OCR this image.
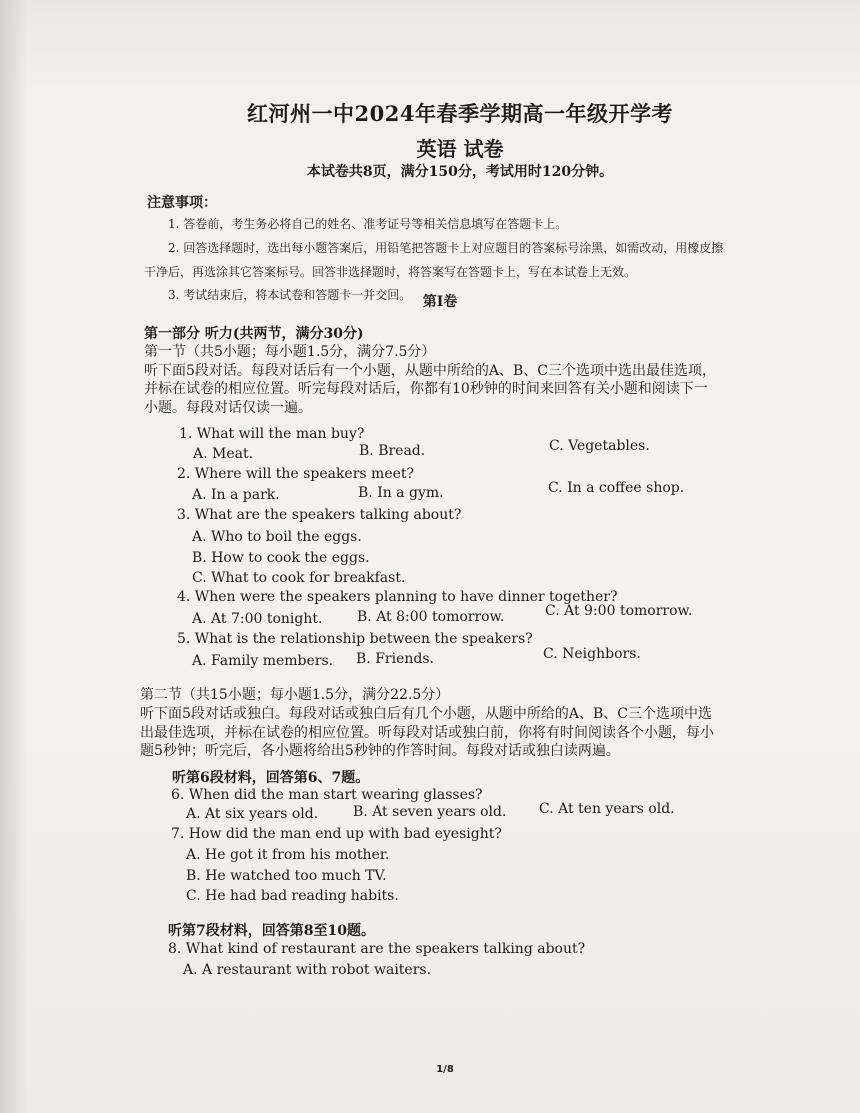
红河州一中2024年春季学期高一年级开学考
英语 试卷
本试卷共8页，满分150分，考试用时120分钟。
注意事项：
1. 答卷前，考生务必将自己的姓名、准考证号等相关信息填写在答题卡上。
2. 回答选择题时，选出每小题答案后，用铅笔把答题卡上对应题目的答案标号涂黑，如需改动，用橡皮擦
干净后，再选涂其它答案标号。回答非选择题时，将答案写在答题卡上，写在本试卷上无效。
3. 考试结束后，将本试卷和答题卡一并交回。 第I卷
第一部分 听力(共两节，满分30分)
第一节（共5小题；每小题1.5分，满分7.5分）
听下面5段对话。每段对话后有一个小题，从题中所给的A、B、C三个选项中选出最佳选项，
并标在试卷的相应位置。听完每段对话后，你都有10秒钟的时间来回答有关小题和阅读下一
小题。每段对话仅读一遍。
1. What will the man buy?
A. Meat.	B. Bread.	C. Vegetables.
2. Where will the speakers meet?
A. In a park.	B. In a gym.	C. In a coffee shop.
3. What are the speakers talking about?
A. Who to boil the eggs.
B. How to cook the eggs.
C. What to cook for breakfast.
4. When were the speakers planning to have dinner together?
A. At 7:00 tonight. B. At 8:00 tomorrow.	C. At 9:00 tomorrow.
5. What is the relationship between the speakers?
A. Family members. B. Friends.	C. Neighbors.
第二节（共15小题；每小题1.5分，满分22.5分）
听下面5段对话或独白。每段对话或独白后有几个小题，从题中所给的A、B、C三个选项中选
出最佳选项，并标在试卷的相应位置。听每段对话或独白前，你将有时间阅读各个小题，每小
题5秒钟；听完后，各小题将给出5秒钟的作答时间。每段对话或独白读两遍。
听第6段材料，回答第6、7题。
6. When did the man start wearing glasses?
A. At six years old. B. At seven years old. C. At ten years old.
7. How did the man end up with bad eyesight?
A. He got it from his mother.
B. He watched too much TV.
C. He had bad reading habits.
听第7段材料，回答第8至10题。
8. What kind of restaurant are the speakers talking about?
A. A restaurant with robot waiters.
1/8
